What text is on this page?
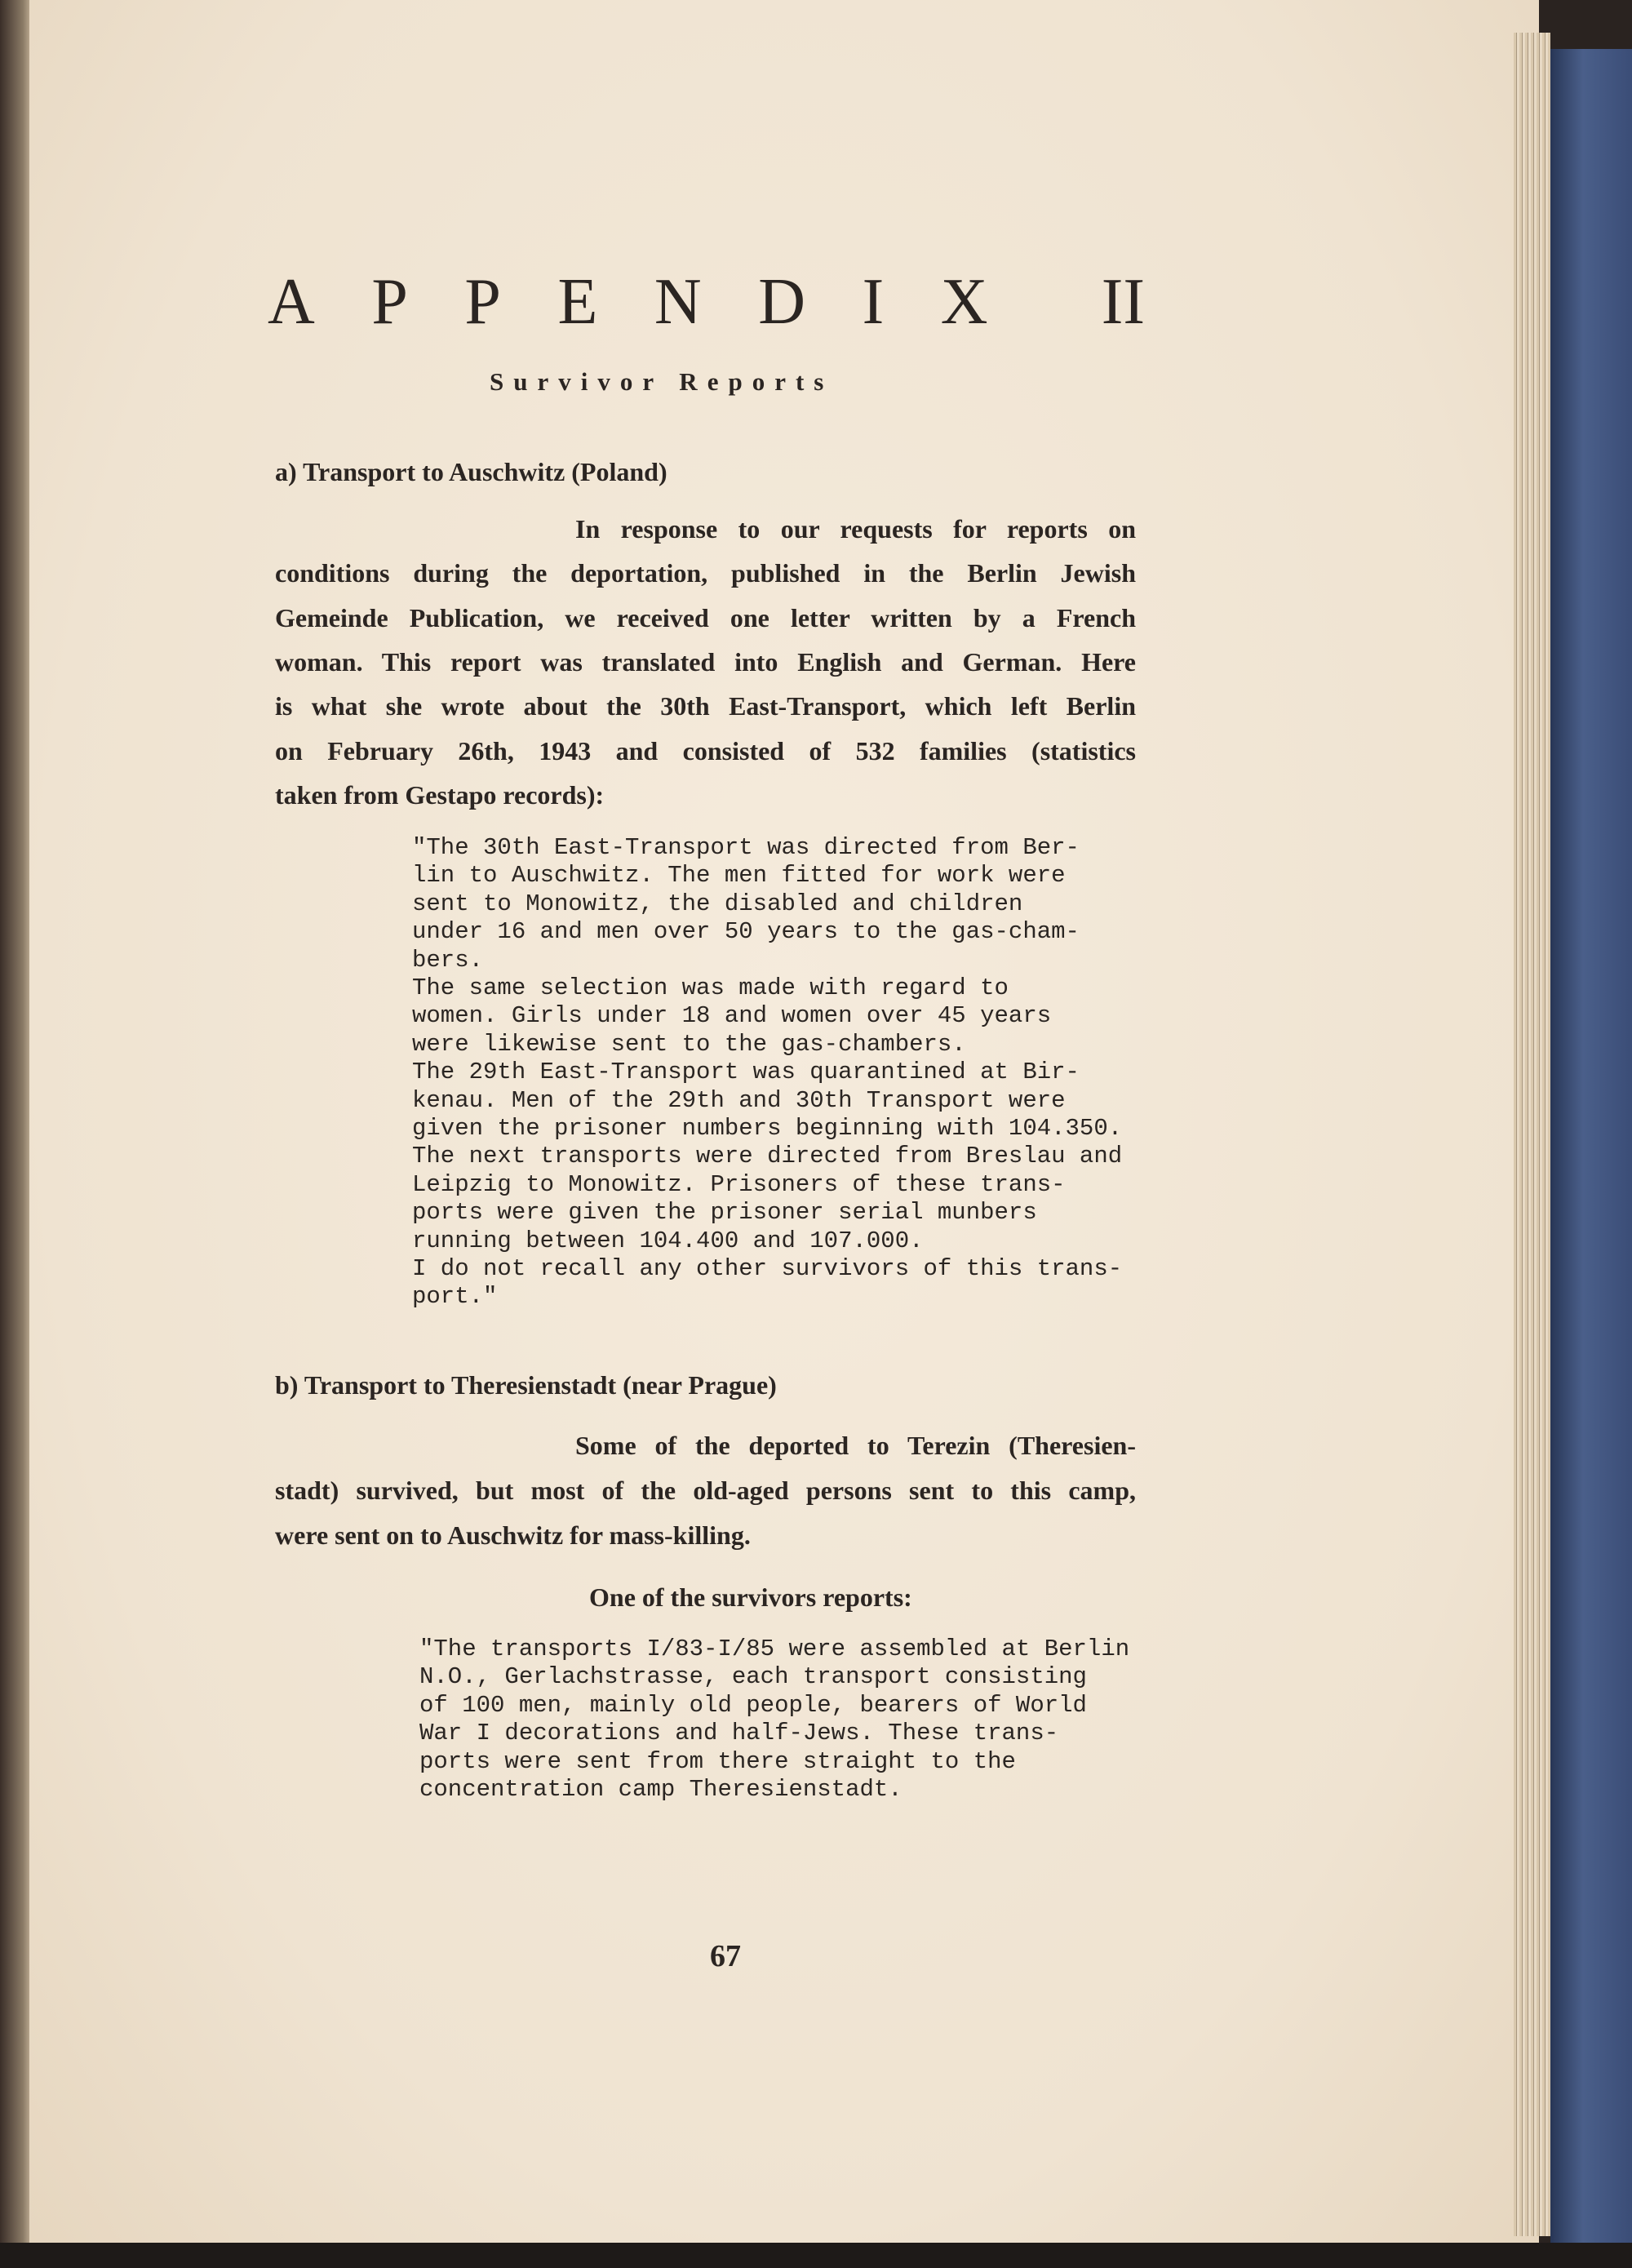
A P P E N D I X II
Survivor Reports
a) Transport to Auschwitz (Poland)
In response to our requests for reports on
conditions during the deportation, published in the Berlin Jewish
Gemeinde Publication, we received one letter written by a French
woman. This report was translated into English and German. Here
is what she wrote about the 30th East-Transport, which left Berlin
on February 26th, 1943 and consisted of 532 families (statistics
taken from Gestapo records):
"The 30th East-Transport was directed from Ber-
lin to Auschwitz. The men fitted for work were
sent to Monowitz, the disabled and children
under 16 and men over 50 years to the gas-cham-
bers.
The same selection was made with regard to
women. Girls under 18 and women over 45 years
were likewise sent to the gas-chambers.
The 29th East-Transport was quarantined at Bir-
kenau. Men of the 29th and 30th Transport were
given the prisoner numbers beginning with 104.350.
The next transports were directed from Breslau and
Leipzig to Monowitz. Prisoners of these trans-
ports were given the prisoner serial munbers
running between 104.400 and 107.000.
I do not recall any other survivors of this trans-
port."
b) Transport to Theresienstadt (near Prague)
Some of the deported to Terezin (Theresien-
stadt) survived, but most of the old-aged persons sent to this camp,
were sent on to Auschwitz for mass-killing.
One of the survivors reports:
"The transports I/83-I/85 were assembled at Berlin
N.O., Gerlachstrasse, each transport consisting
of 100 men, mainly old people, bearers of World
War I decorations and half-Jews. These trans-
ports were sent from there straight to the
concentration camp Theresienstadt.
67
